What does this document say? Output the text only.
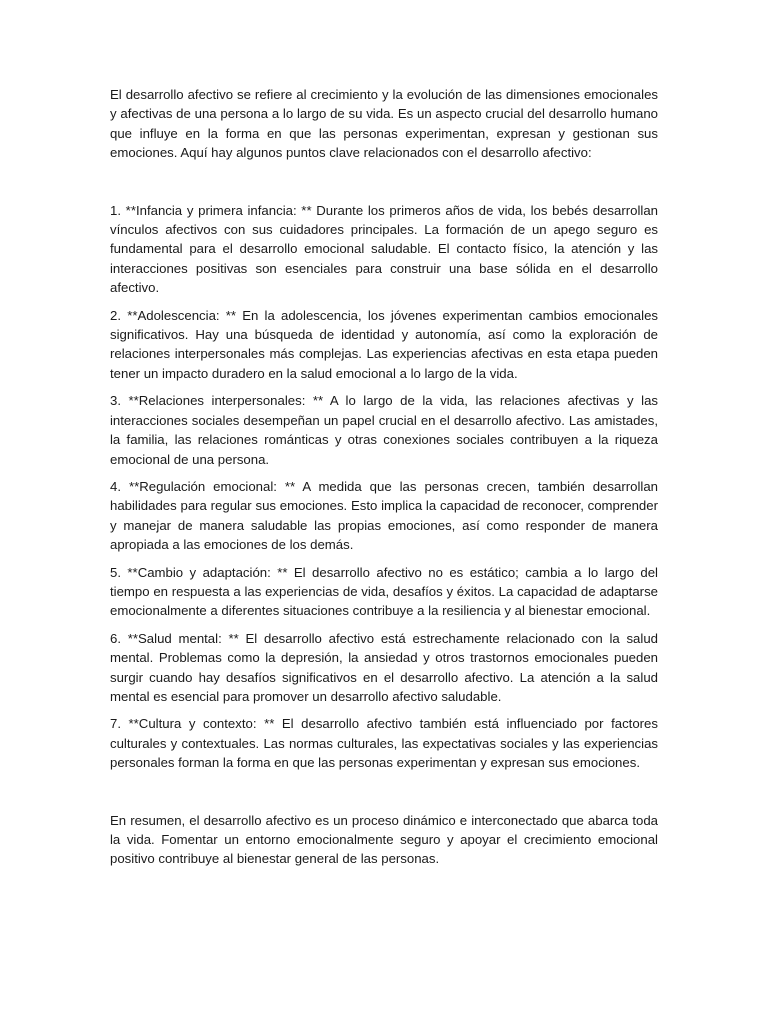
El desarrollo afectivo se refiere al crecimiento y la evolución de las dimensiones emocionales y afectivas de una persona a lo largo de su vida. Es un aspecto crucial del desarrollo humano que influye en la forma en que las personas experimentan, expresan y gestionan sus emociones. Aquí hay algunos puntos clave relacionados con el desarrollo afectivo:

1. **Infancia y primera infancia: ** Durante los primeros años de vida, los bebés desarrollan vínculos afectivos con sus cuidadores principales. La formación de un apego seguro es fundamental para el desarrollo emocional saludable. El contacto físico, la atención y las interacciones positivas son esenciales para construir una base sólida en el desarrollo afectivo.

2. **Adolescencia: ** En la adolescencia, los jóvenes experimentan cambios emocionales significativos. Hay una búsqueda de identidad y autonomía, así como la exploración de relaciones interpersonales más complejas. Las experiencias afectivas en esta etapa pueden tener un impacto duradero en la salud emocional a lo largo de la vida.

3. **Relaciones interpersonales: ** A lo largo de la vida, las relaciones afectivas y las interacciones sociales desempeñan un papel crucial en el desarrollo afectivo. Las amistades, la familia, las relaciones románticas y otras conexiones sociales contribuyen a la riqueza emocional de una persona.

4. **Regulación emocional: ** A medida que las personas crecen, también desarrollan habilidades para regular sus emociones. Esto implica la capacidad de reconocer, comprender y manejar de manera saludable las propias emociones, así como responder de manera apropiada a las emociones de los demás.

5. **Cambio y adaptación: ** El desarrollo afectivo no es estático; cambia a lo largo del tiempo en respuesta a las experiencias de vida, desafíos y éxitos. La capacidad de adaptarse emocionalmente a diferentes situaciones contribuye a la resiliencia y al bienestar emocional.

6. **Salud mental: ** El desarrollo afectivo está estrechamente relacionado con la salud mental. Problemas como la depresión, la ansiedad y otros trastornos emocionales pueden surgir cuando hay desafíos significativos en el desarrollo afectivo. La atención a la salud mental es esencial para promover un desarrollo afectivo saludable.

7. **Cultura y contexto: ** El desarrollo afectivo también está influenciado por factores culturales y contextuales. Las normas culturales, las expectativas sociales y las experiencias personales forman la forma en que las personas experimentan y expresan sus emociones.

En resumen, el desarrollo afectivo es un proceso dinámico e interconectado que abarca toda la vida. Fomentar un entorno emocionalmente seguro y apoyar el crecimiento emocional positivo contribuye al bienestar general de las personas.
